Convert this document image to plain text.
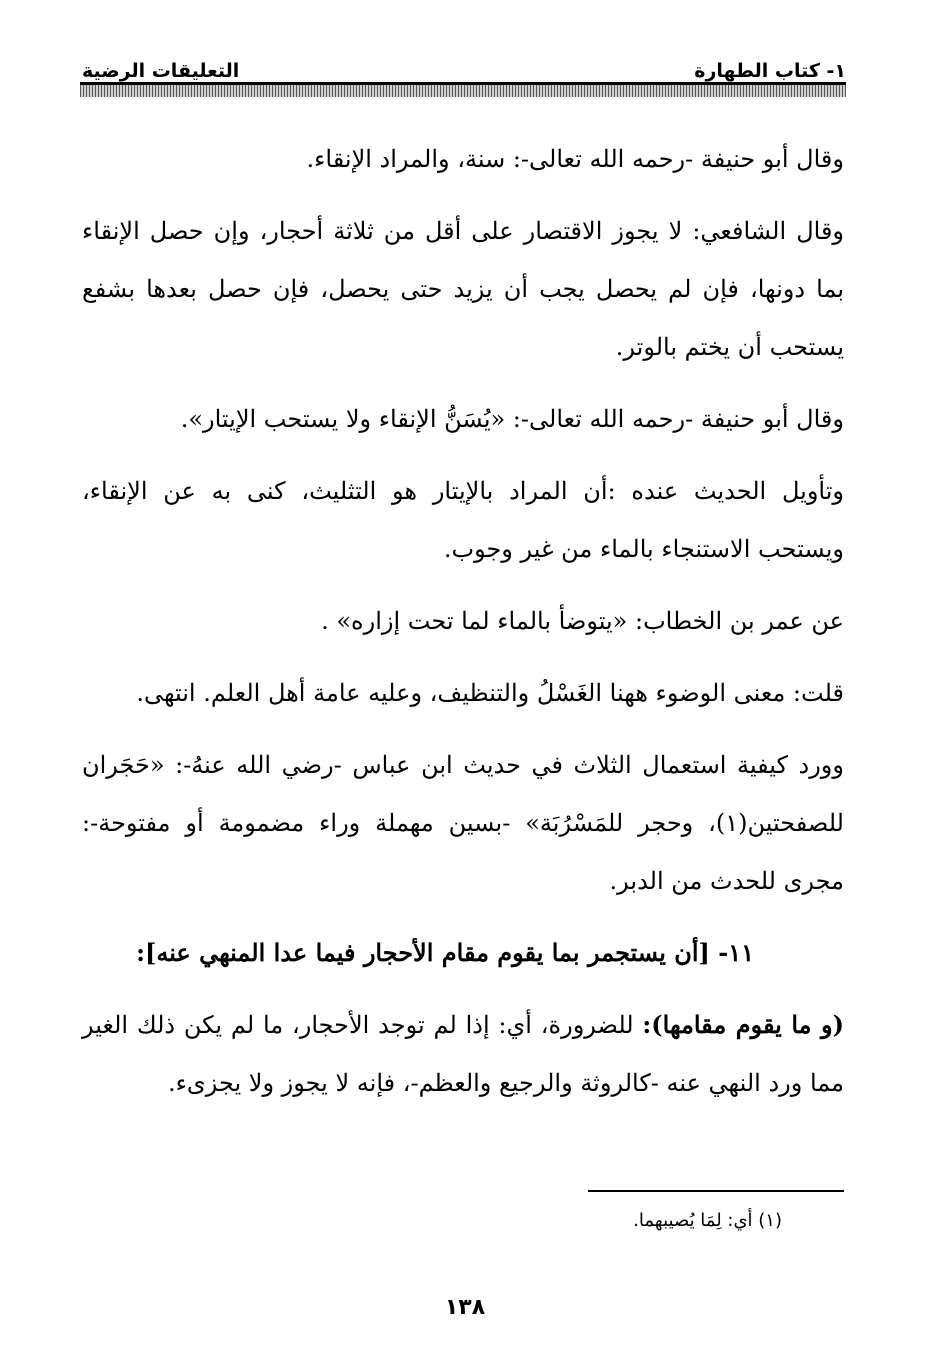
١- كتاب الطهارة
التعليقات الرضية

وقال أبو حنيفة -رحمه الله تعالى-: سنة، والمراد الإنقاء.

وقال الشافعي: لا يجوز الاقتصار على أقل من ثلاثة أحجار، وإن حصل الإنقاء بما دونها، فإن لم يحصل يجب أن يزيد حتى يحصل، فإن حصل بعدها بشفع يستحب أن يختم بالوتر.

وقال أبو حنيفة -رحمه الله تعالى-: «يُسَنُّ الإنقاء ولا يستحب الإيتار».

وتأويل الحديث عنده :أن المراد بالإيتار هو التثليث، كنى به عن الإنقاء، ويستحب الاستنجاء بالماء من غير وجوب.

عن عمر بن الخطاب: «يتوضأ بالماء لما تحت إزاره» .

قلت: معنى الوضوء ههنا الغَسْلُ والتنظيف، وعليه عامة أهل العلم. انتهى.

وورد كيفية استعمال الثلاث في حديث ابن عباس -رضي الله عنهُ-: «حَجَران للصفحتين(١)، وحجر للمَسْرُبَة» -بسين مهملة وراء مضمومة أو مفتوحة-: مجرى للحدث من الدبر.

١١- [أن يستجمر بما يقوم مقام الأحجار فيما عدا المنهي عنه]:

(و ما يقوم مقامها): للضرورة، أي: إذا لم توجد الأحجار، ما لم يكن ذلك الغير مما ورد النهي عنه -كالروثة والرجيع والعظم-، فإنه لا يجوز ولا يجزىء.

(١) أي: لِمَا يُصيبهما.
١٣٨
